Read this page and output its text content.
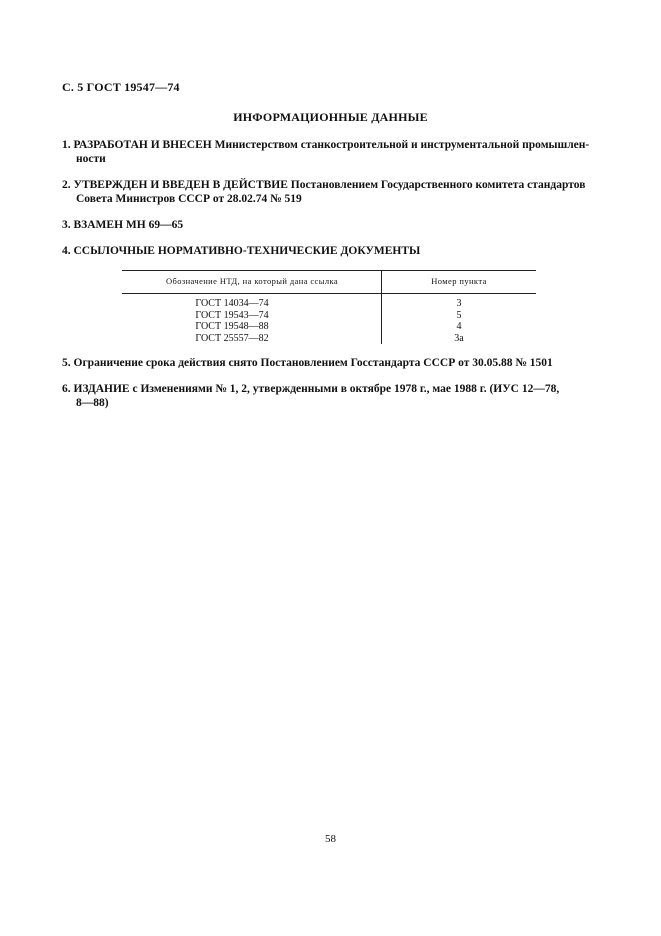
С. 5 ГОСТ 19547—74
ИНФОРМАЦИОННЫЕ ДАННЫЕ
1. РАЗРАБОТАН И ВНЕСЕН Министерством станкостроительной и инструментальной промышлен-
ности
2. УТВЕРЖДЕН И ВВЕДЕН В ДЕЙСТВИЕ Постановлением Государственного комитета стандартов
Совета Министров СССР от 28.02.74 № 519
3. ВЗАМЕН МН 69—65
4. ССЫЛОЧНЫЕ НОРМАТИВНО-ТЕХНИЧЕСКИЕ ДОКУМЕНТЫ
Обозначение НТД, на который дана ссылка	Номер пункта
ГОСТ 14034—74	3
ГОСТ 19543—74	5
ГОСТ 19548—88	4
ГОСТ 25557—82	3а
5. Ограничение срока действия снято Постановлением Госстандарта СССР от 30.05.88 № 1501
6. ИЗДАНИЕ с Изменениями № 1, 2, утвержденными в октябре 1978 г., мае 1988 г. (ИУС 12—78,
8—88)
58
